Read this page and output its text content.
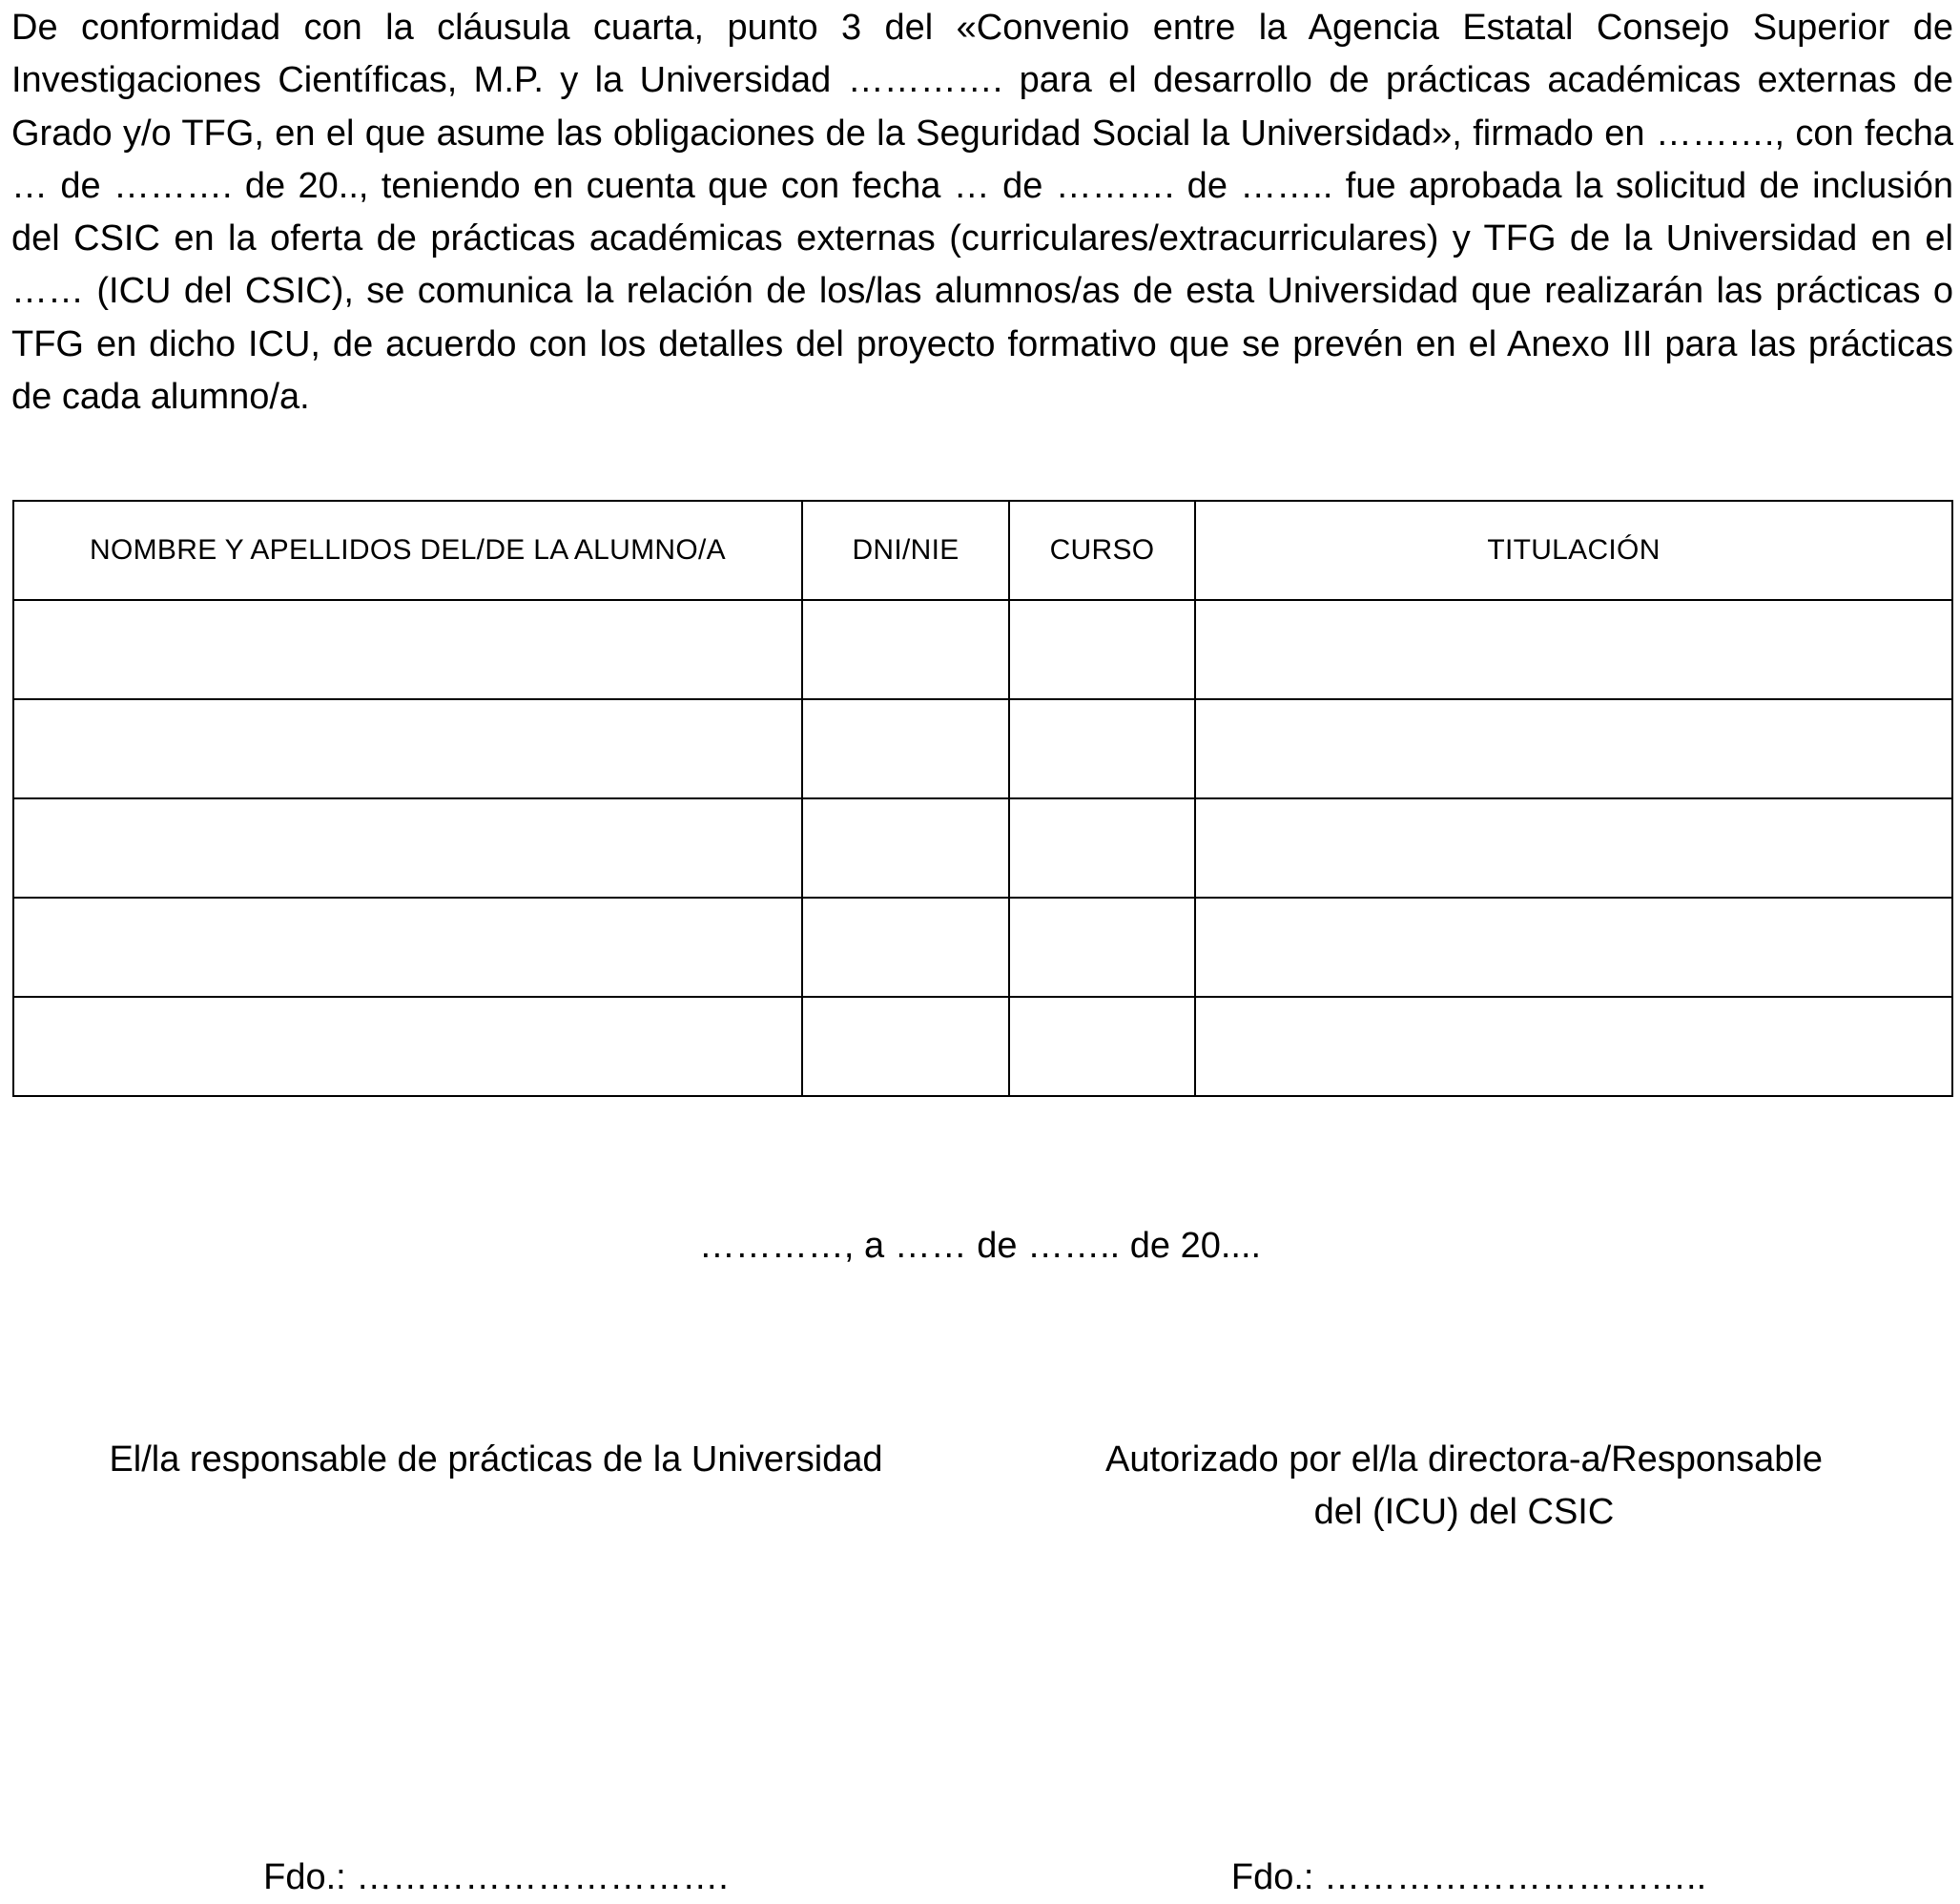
De conformidad con la cláusula cuarta, punto 3 del «Convenio entre la Agencia Estatal Consejo Superior de Investigaciones Científicas, M.P. y la Universidad …………. para el desarrollo de prácticas académicas externas de Grado y/o TFG, en el que asume las obligaciones de la Seguridad Social la Universidad», firmado en ………., con fecha … de ………. de 20.., teniendo en cuenta que con fecha … de ………. de …….. fue aprobada la solicitud de inclusión del CSIC en la oferta de prácticas académicas externas (curriculares/extracurriculares) y TFG de la Universidad en el …… (ICU del CSIC), se comunica la relación de los/las alumnos/as de esta Universidad que realizarán las prácticas o TFG en dicho ICU, de acuerdo con los detalles del proyecto formativo que se prevén en el Anexo III para las prácticas de cada alumno/a.

NOMBRE Y APELLIDOS DEL/DE LA ALUMNO/A	DNI/NIE	CURSO	TITULACIÓN

…………, a …… de …….. de 20....
El/la responsable de prácticas de la Universidad	Autorizado por el/la directora-a/Responsable
del (ICU) del CSIC
Fdo.: ………………………….	Fdo.: …………………………..
